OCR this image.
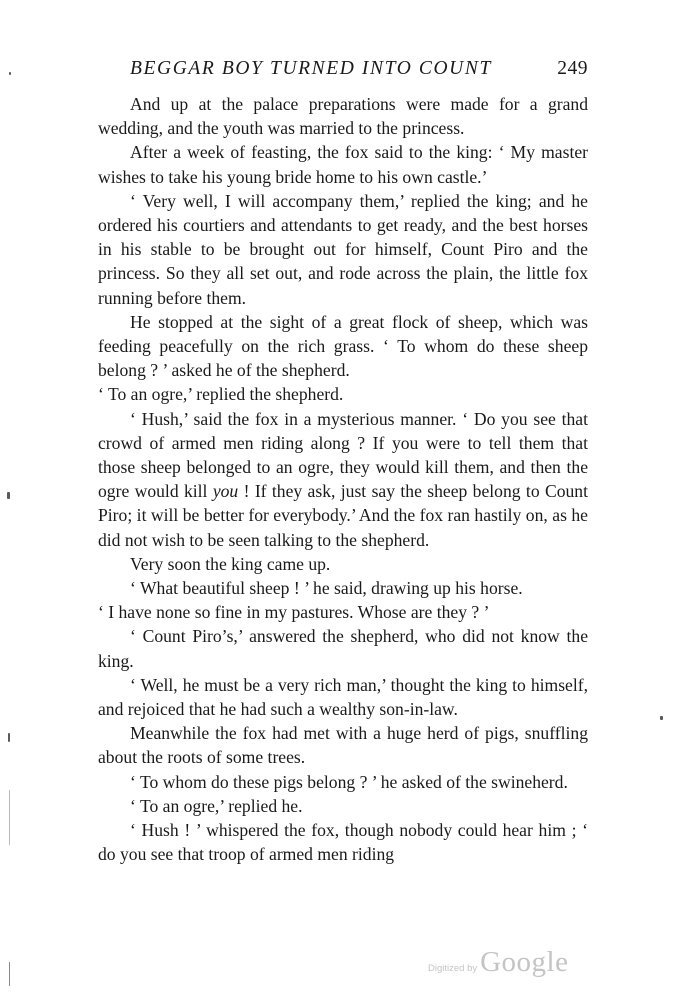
BEGGAR BOY TURNED INTO COUNT	249

And up at the palace preparations were made for a grand wedding, and the youth was married to the princess.

After a week of feasting, the fox said to the king: ‘ My master wishes to take his young bride home to his own castle.’

‘ Very well, I will accompany them,’ replied the king; and he ordered his courtiers and attendants to get ready, and the best horses in his stable to be brought out for himself, Count Piro and the princess. So they all set out, and rode across the plain, the little fox running before them.

He stopped at the sight of a great flock of sheep, which was feeding peacefully on the rich grass. ‘ To whom do these sheep belong ? ’ asked he of the shepherd.

‘ To an ogre,’ replied the shepherd.

‘ Hush,’ said the fox in a mysterious manner. ‘ Do you see that crowd of armed men riding along ? If you were to tell them that those sheep belonged to an ogre, they would kill them, and then the ogre would kill you ! If they ask, just say the sheep belong to Count Piro; it will be better for everybody.’ And the fox ran hastily on, as he did not wish to be seen talking to the shepherd.

Very soon the king came up.

‘ What beautiful sheep ! ’ he said, drawing up his horse.

‘ I have none so fine in my pastures. Whose are they ? ’

‘ Count Piro’s,’ answered the shepherd, who did not know the king.

‘ Well, he must be a very rich man,’ thought the king to himself, and rejoiced that he had such a wealthy son-in-law.

Meanwhile the fox had met with a huge herd of pigs, snuffling about the roots of some trees.

‘ To whom do these pigs belong ? ’ he asked of the swineherd.

‘ To an ogre,’ replied he.

‘ Hush ! ’ whispered the fox, though nobody could hear him ; ‘ do you see that troop of armed men riding

Digitized by Google
